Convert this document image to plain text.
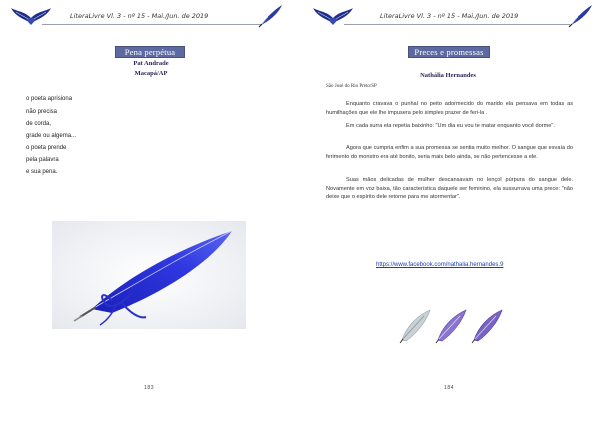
LiteraLivre Vl. 3 - nº 15 - Mai./Jun. de 2019
Pena perpétua
Pat Andrade
Macapá/AP
o poeta aprisiona
não precisa
de corda,
grade ou algema...
o poeta prende
pela palavra
e sua pena.
183
LiteraLivre Vl. 3 - nº 15 - Mai./Jun. de 2019
Preces e promessas
Nathália Hernandes
São José do Rio Preto/SP
Enquanto cravava o punhal no peito adormecido do marido ela pensava em todas as humilhações que ele lhe impusera pelo simples prazer de feri-la .
Em cada surra ela repetia baixinho: "Um dia eu vou te matar enquanto você dorme".
Agora que cumpria enfim a sua promessa se sentia muito melhor. O sangue que esvaía do ferimento do monstro era até bonito, seria mais belo ainda, se não pertencesse a ele.
Suas mãos delicadas de mulher descansavam no lençol púrpura do sangue dele. Novamente em voz baixa, tão característica daquele ser feminino, ela sussurrava uma prece: "não deixe que o espírito dele retorne para me atormentar".
https://www.facebook.com/nathalia.hernandes.9
184
